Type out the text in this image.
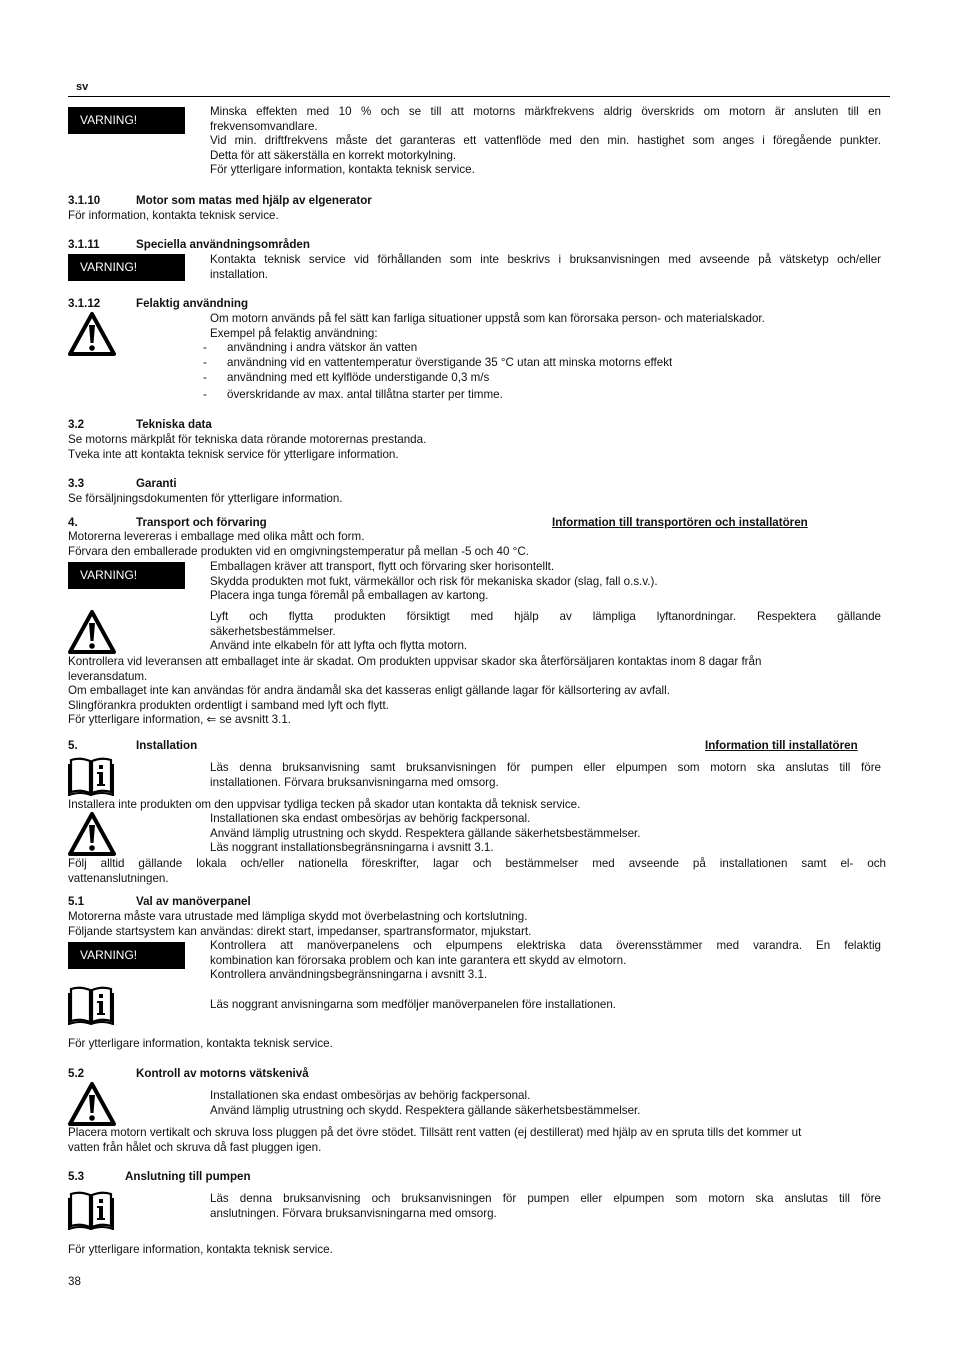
sv
VARNING!

Minska effekten med 10 % och se till att motorns märkfrekvens aldrig överskrids om motorn är ansluten till en

frekvensomvandlare.

Vid min. driftfrekvens måste det garanteras ett vattenflöde med den min. hastighet som anges i föregående punkter.

Detta för att säkerställa en korrekt motorkylning.

För ytterligare information, kontakta teknisk service.

3.1.10	Motor som matas med hjälp av elgenerator
För information, kontakta teknisk service.
3.1.11	Speciella användningsområden
VARNING!

Kontakta teknisk service vid förhållanden som inte beskrivs i bruksanvisningen med avseende på vätsketyp och/eller

installation.

3.1.12	Felaktig användning

Om motorn används på fel sätt kan farliga situationer uppstå som kan förorsaka person- och materialskador.

Exempel på felaktig användning:

- användning i andra vätskor än vatten
- användning vid en vattentemperatur överstigande 35 °C utan att minska motorns effekt
- användning med ett kylflöde understigande 0,3 m/s
- överskridande av max. antal tillåtna starter per timme.
3.2	Tekniska data

Se motorns märkplåt för tekniska data rörande motorernas prestanda.

Tveka inte att kontakta teknisk service för ytterligare information.

3.3	Garanti
Se försäljningsdokumenten för ytterligare information.
4.	Transport och förvaring	Information till transportören och installatören

Motorerna levereras i emballage med olika mått och form.

Förvara den emballerade produkten vid en omgivningstemperatur på mellan -5 och 40 °C.

VARNING!

Emballagen kräver att transport, flytt och förvaring sker horisontellt.

Skydda produkten mot fukt, värmekällor och risk för mekaniska skador (slag, fall o.s.v.).

Placera inga tunga föremål på emballagen av kartong.

Lyft och flytta produkten försiktigt med hjälp av lämpliga lyftanordningar. Respektera gällande

säkerhetsbestämmelser.

Använd inte elkabeln för att lyfta och flytta motorn.

Kontrollera vid leveransen att emballaget inte är skadat. Om produkten uppvisar skador ska återförsäljaren kontaktas inom 8 dagar från

leveransdatum.

Om emballaget inte kan användas för andra ändamål ska det kasseras enligt gällande lagar för källsortering av avfall.

Slingförankra produkten ordentligt i samband med lyft och flytt.

För ytterligare information, ⇐ se avsnitt 3.1.

5.	Installation	Information till installatören

Läs denna bruksanvisning samt bruksanvisningen för pumpen eller elpumpen som motorn ska anslutas till före

installationen. Förvara bruksanvisningarna med omsorg.

Installera inte produkten om den uppvisar tydliga tecken på skador utan kontakta då teknisk service.

Installationen ska endast ombesörjas av behörig fackpersonal.

Använd lämplig utrustning och skydd. Respektera gällande säkerhetsbestämmelser.

Läs noggrant installationsbegränsningarna i avsnitt 3.1.

Följ alltid gällande lokala och/eller nationella föreskrifter, lagar och bestämmelser med avseende på installationen samt el- och

vattenanslutningen.

5.1	Val av manöverpanel

Motorerna måste vara utrustade med lämpliga skydd mot överbelastning och kortslutning.

Följande startsystem kan användas: direkt start, impedanser, spartransformator, mjukstart.

VARNING!

Kontrollera att manöverpanelens och elpumpens elektriska data överensstämmer med varandra. En felaktig

kombination kan förorsaka problem och kan inte garantera ett skydd av elmotorn.

Kontrollera användningsbegränsningarna i avsnitt 3.1.

Läs noggrant anvisningarna som medföljer manöverpanelen före installationen.
För ytterligare information, kontakta teknisk service.
5.2	Kontroll av motorns vätskenivå

Installationen ska endast ombesörjas av behörig fackpersonal.

Använd lämplig utrustning och skydd. Respektera gällande säkerhetsbestämmelser.

Placera motorn vertikalt och skruva loss pluggen på det övre stödet. Tillsätt rent vatten (ej destillerat) med hjälp av en spruta tills det kommer ut

vatten från hålet och skruva då fast pluggen igen.

5.3	Anslutning till pumpen

Läs denna bruksanvisning och bruksanvisningen för pumpen eller elpumpen som motorn ska anslutas till före

anslutningen. Förvara bruksanvisningarna med omsorg.

För ytterligare information, kontakta teknisk service.
38
